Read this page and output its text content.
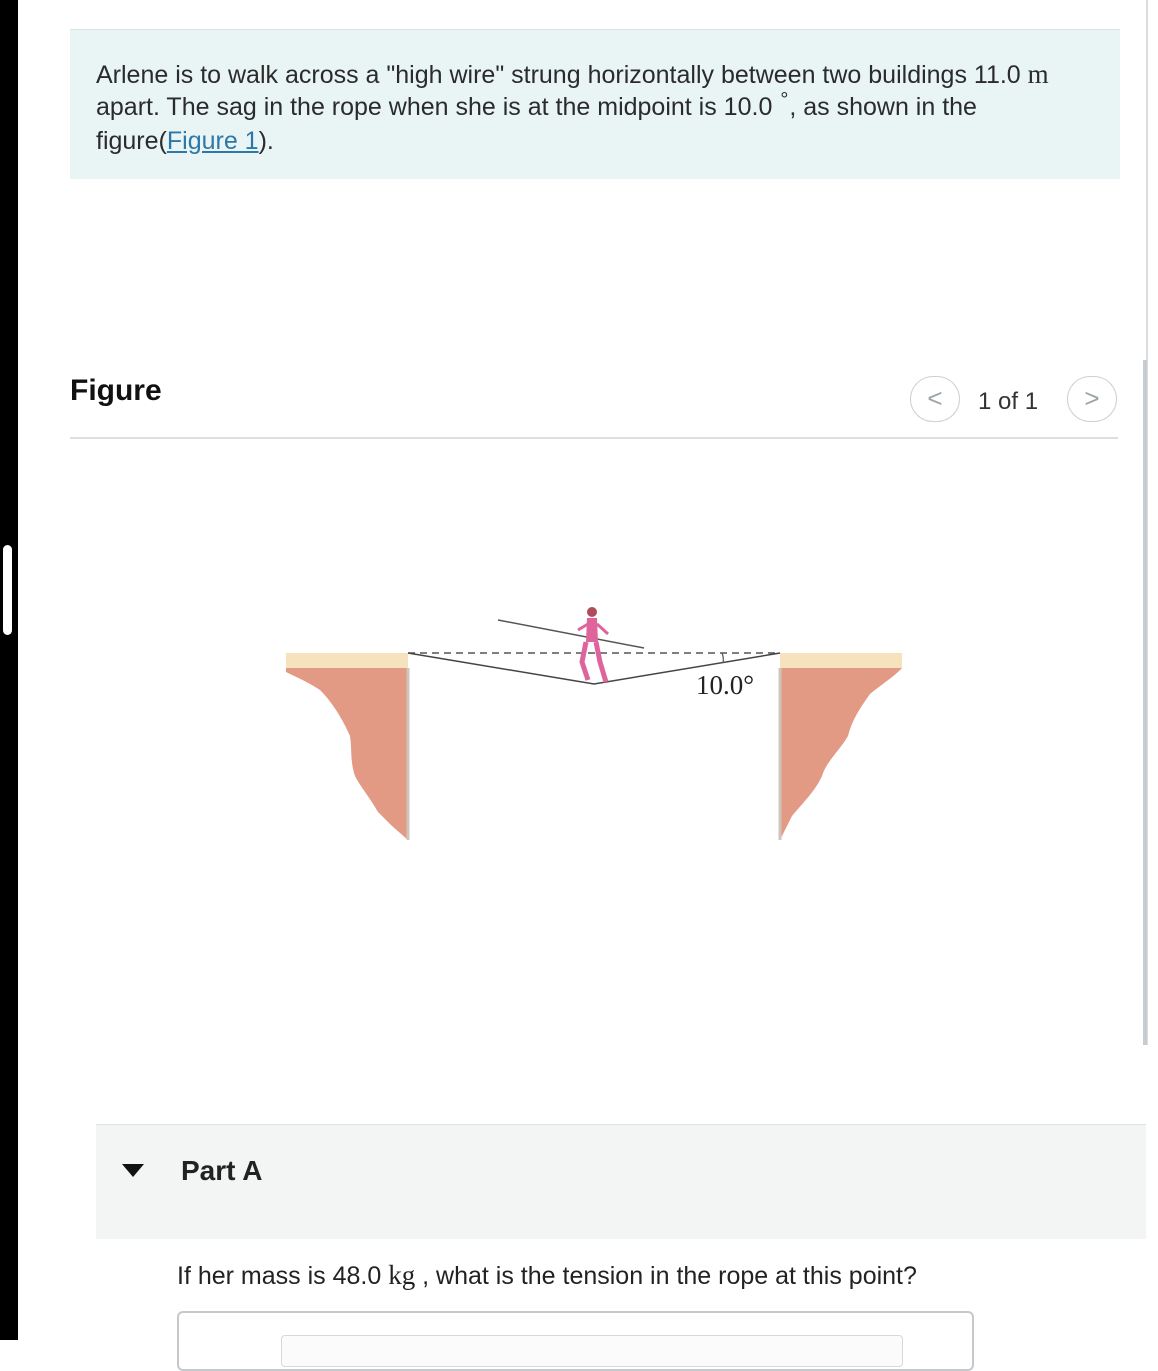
Arlene is to walk across a "high wire" strung horizontally between two buildings 11.0 m
apart. The sag in the rope when she is at the midpoint is 10.0 °, as shown in the figure(Figure 1).
Figure	<	1 of 1	>
10.0°
Part A
If her mass is 48.0 kg , what is the tension in the rope at this point?
